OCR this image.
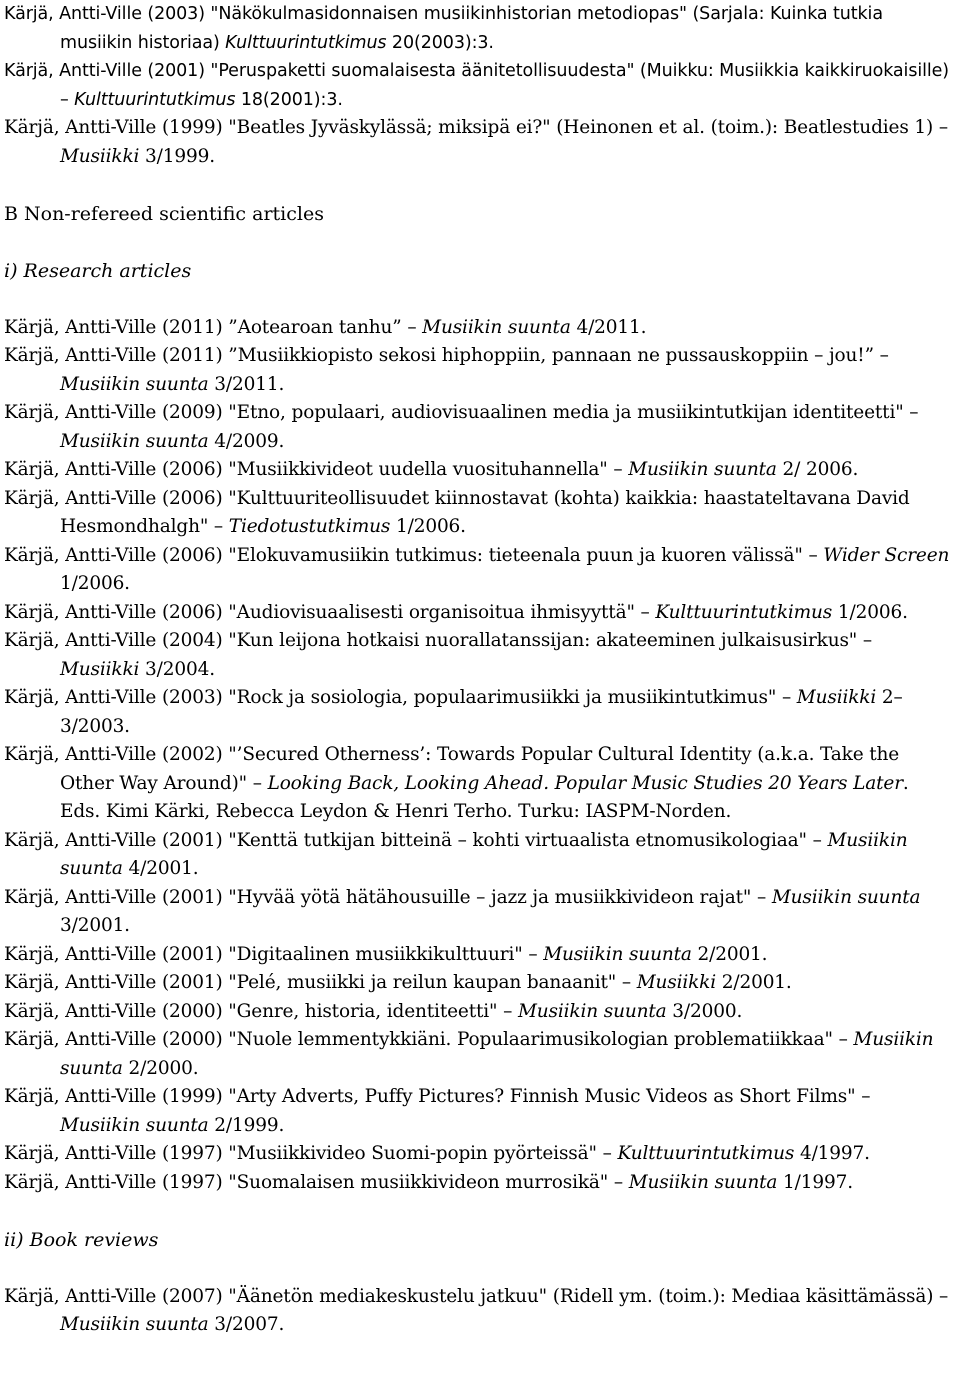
Kärjä, Antti-Ville (2003) "Näkökulmasidonnaisen musiikinhistorian metodiopas" (Sarjala: Kuinka tutkia musiikin historiaa) Kulttuurintutkimus 20(2003):3.

Kärjä, Antti-Ville (2001) "Peruspaketti suomalaisesta äänitetollisuudesta" (Muikku: Musiikkia kaikkiruokaisille) – Kulttuurintutkimus 18(2001):3.

Kärjä, Antti-Ville (1999) "Beatles Jyväskylässä; miksipä ei?" (Heinonen et al. (toim.): Beatlestudies 1) – Musiikki 3/1999.

B Non-refereed scientific articles

i) Research articles

Kärjä, Antti-Ville (2011) ”Aotearoan tanhu” – Musiikin suunta 4/2011.

Kärjä, Antti-Ville (2011) ”Musiikkiopisto sekosi hiphoppiin, pannaan ne pussauskoppiin – jou!” – Musiikin suunta 3/2011.

Kärjä, Antti-Ville (2009) "Etno, populaari, audiovisuaalinen media ja musiikintutkijan identiteetti" – Musiikin suunta 4/2009.

Kärjä, Antti-Ville (2006) "Musiikkivideot uudella vuosituhannella" – Musiikin suunta 2/ 2006.

Kärjä, Antti-Ville (2006) "Kulttuuriteollisuudet kiinnostavat (kohta) kaikkia: haastateltavana David Hesmondhalgh" – Tiedotustutkimus 1/2006.

Kärjä, Antti-Ville (2006) "Elokuvamusiikin tutkimus: tieteenala puun ja kuoren välissä" – Wider Screen 1/2006.

Kärjä, Antti-Ville (2006) "Audiovisuaalisesti organisoitua ihmisyyttä" – Kulttuurintutkimus 1/2006.

Kärjä, Antti-Ville (2004) "Kun leijona hotkaisi nuorallatanssijan: akateeminen julkaisusirkus" – Musiikki 3/2004.

Kärjä, Antti-Ville (2003) "Rock ja sosiologia, populaarimusiikki ja musiikintutkimus" – Musiikki 2–3/2003.

Kärjä, Antti-Ville (2002) "’Secured Otherness’: Towards Popular Cultural Identity (a.k.a. Take the Other Way Around)" – Looking Back, Looking Ahead. Popular Music Studies 20 Years Later. Eds. Kimi Kärki, Rebecca Leydon & Henri Terho. Turku: IASPM-Norden.

Kärjä, Antti-Ville (2001) "Kenttä tutkijan bitteinä – kohti virtuaalista etnomusikologiaa" – Musiikin suunta 4/2001.

Kärjä, Antti-Ville (2001) "Hyvää yötä hätähousuille – jazz ja musiikkivideon rajat" – Musiikin suunta 3/2001.

Kärjä, Antti-Ville (2001) "Digitaalinen musiikkikulttuuri" – Musiikin suunta 2/2001.

Kärjä, Antti-Ville (2001) "Pelé, musiikki ja reilun kaupan banaanit" – Musiikki 2/2001.

Kärjä, Antti-Ville (2000) "Genre, historia, identiteetti" – Musiikin suunta 3/2000.

Kärjä, Antti-Ville (2000) "Nuole lemmentykkiäni. Populaarimusikologian problematiikkaa" – Musiikin suunta 2/2000.

Kärjä, Antti-Ville (1999) "Arty Adverts, Puffy Pictures? Finnish Music Videos as Short Films" – Musiikin suunta 2/1999.

Kärjä, Antti-Ville (1997) "Musiikkivideo Suomi-popin pyörteissä" – Kulttuurintutkimus 4/1997.

Kärjä, Antti-Ville (1997) "Suomalaisen musiikkivideon murrosikä" – Musiikin suunta 1/1997.

ii) Book reviews

Kärjä, Antti-Ville (2007) "Äänetön mediakeskustelu jatkuu" (Ridell ym. (toim.): Mediaa käsittämässä) – Musiikin suunta 3/2007.
